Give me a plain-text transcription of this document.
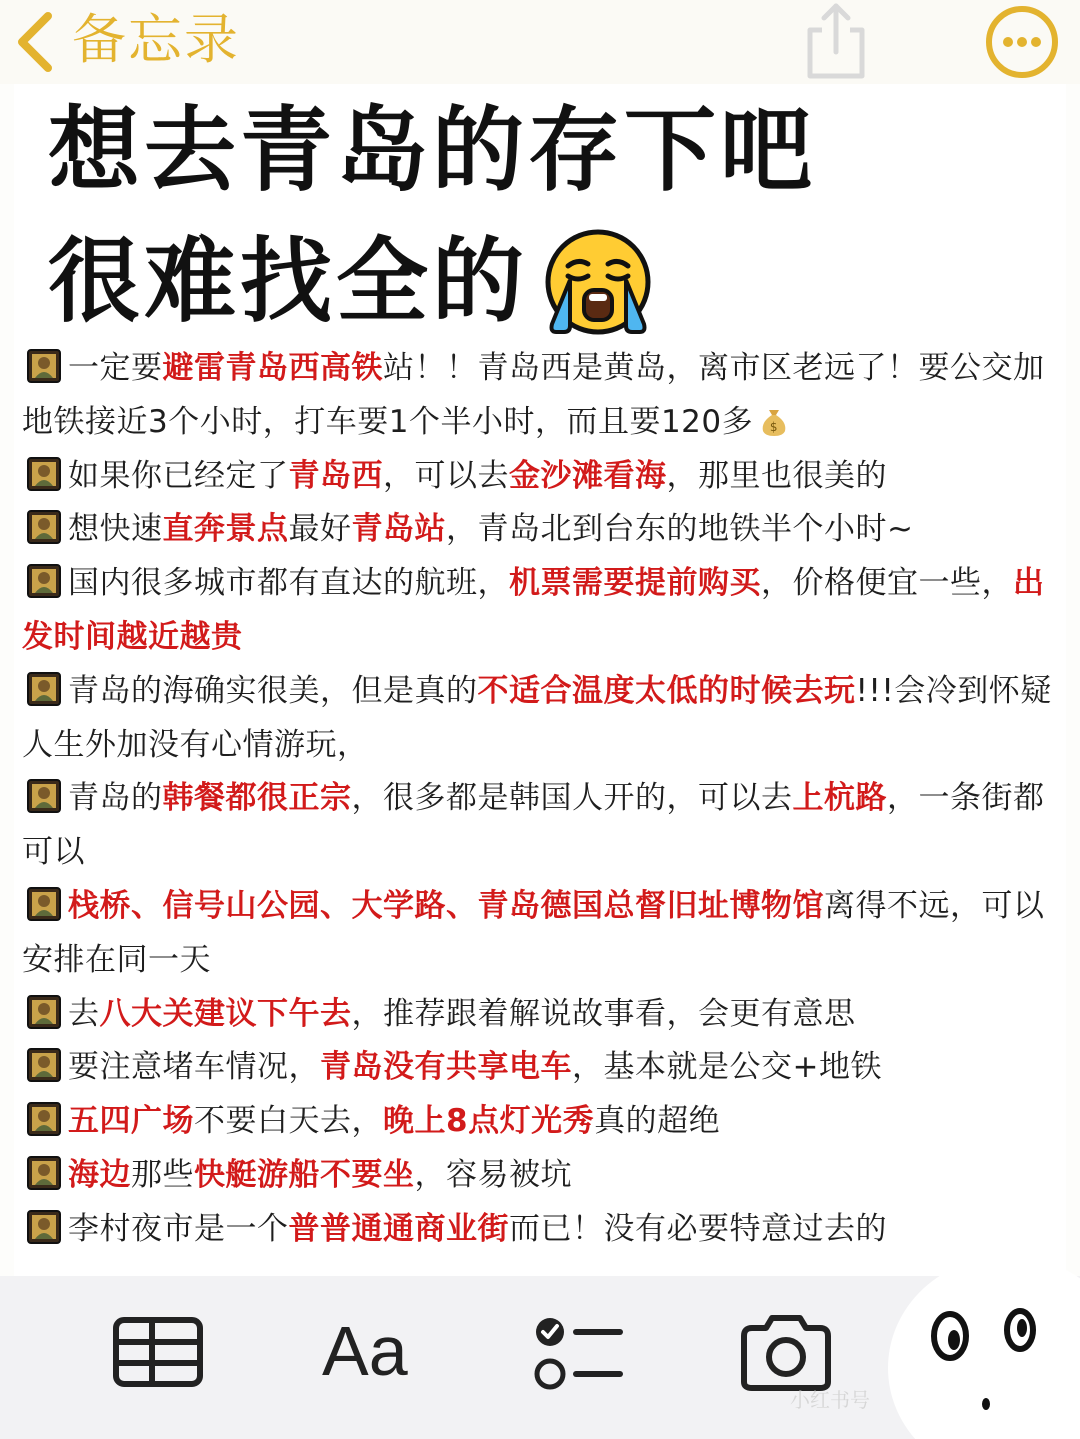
备忘录
想去青岛的存下吧
很难找全的
一定要避雷青岛西高铁站！！青岛西是黄岛，离市区老远了！要公交加地铁接近3个小时，打车要1个半小时，而且要120多 $
如果你已经定了青岛西，可以去金沙滩看海，那里也很美的
想快速直奔景点最好青岛站，青岛北到台东的地铁半个小时~
国内很多城市都有直达的航班，机票需要提前购买，价格便宜一些，出发时间越近越贵
青岛的海确实很美，但是真的不适合温度太低的时候去玩!!!会冷到怀疑人生外加没有心情游玩，
青岛的韩餐都很正宗，很多都是韩国人开的，可以去上杭路，一条街都可以
栈桥、信号山公园、大学路、青岛德国总督旧址博物馆离得不远，可以安排在同一天
去八大关建议下午去，推荐跟着解说故事看，会更有意思
要注意堵车情况，青岛没有共享电车，基本就是公交+地铁
五四广场不要白天去，晚上8点灯光秀真的超绝
海边那些快艇游船不要坐，容易被坑
李村夜市是一个普普通通商业街而已！没有必要特意过去的
Aa
小红书号
